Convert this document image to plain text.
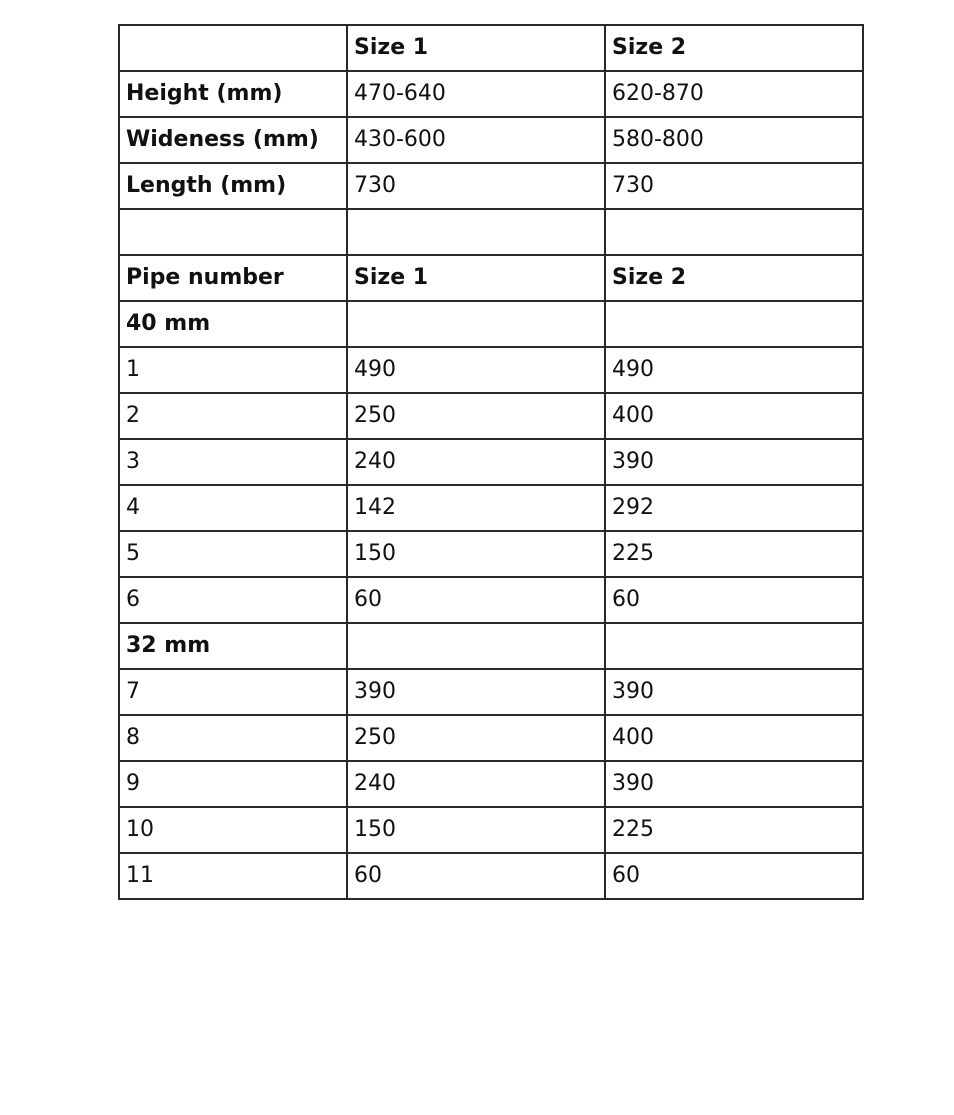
	Size 1	Size 2
Height (mm)	470-640	620-870
Wideness (mm)	430-600	580-800
Length (mm)	730	730

Pipe number	Size 1	Size 2
40 mm		
1	490	490
2	250	400
3	240	390
4	142	292
5	150	225
6	60	60
32 mm		
7	390	390
8	250	400
9	240	390
10	150	225
11	60	60
